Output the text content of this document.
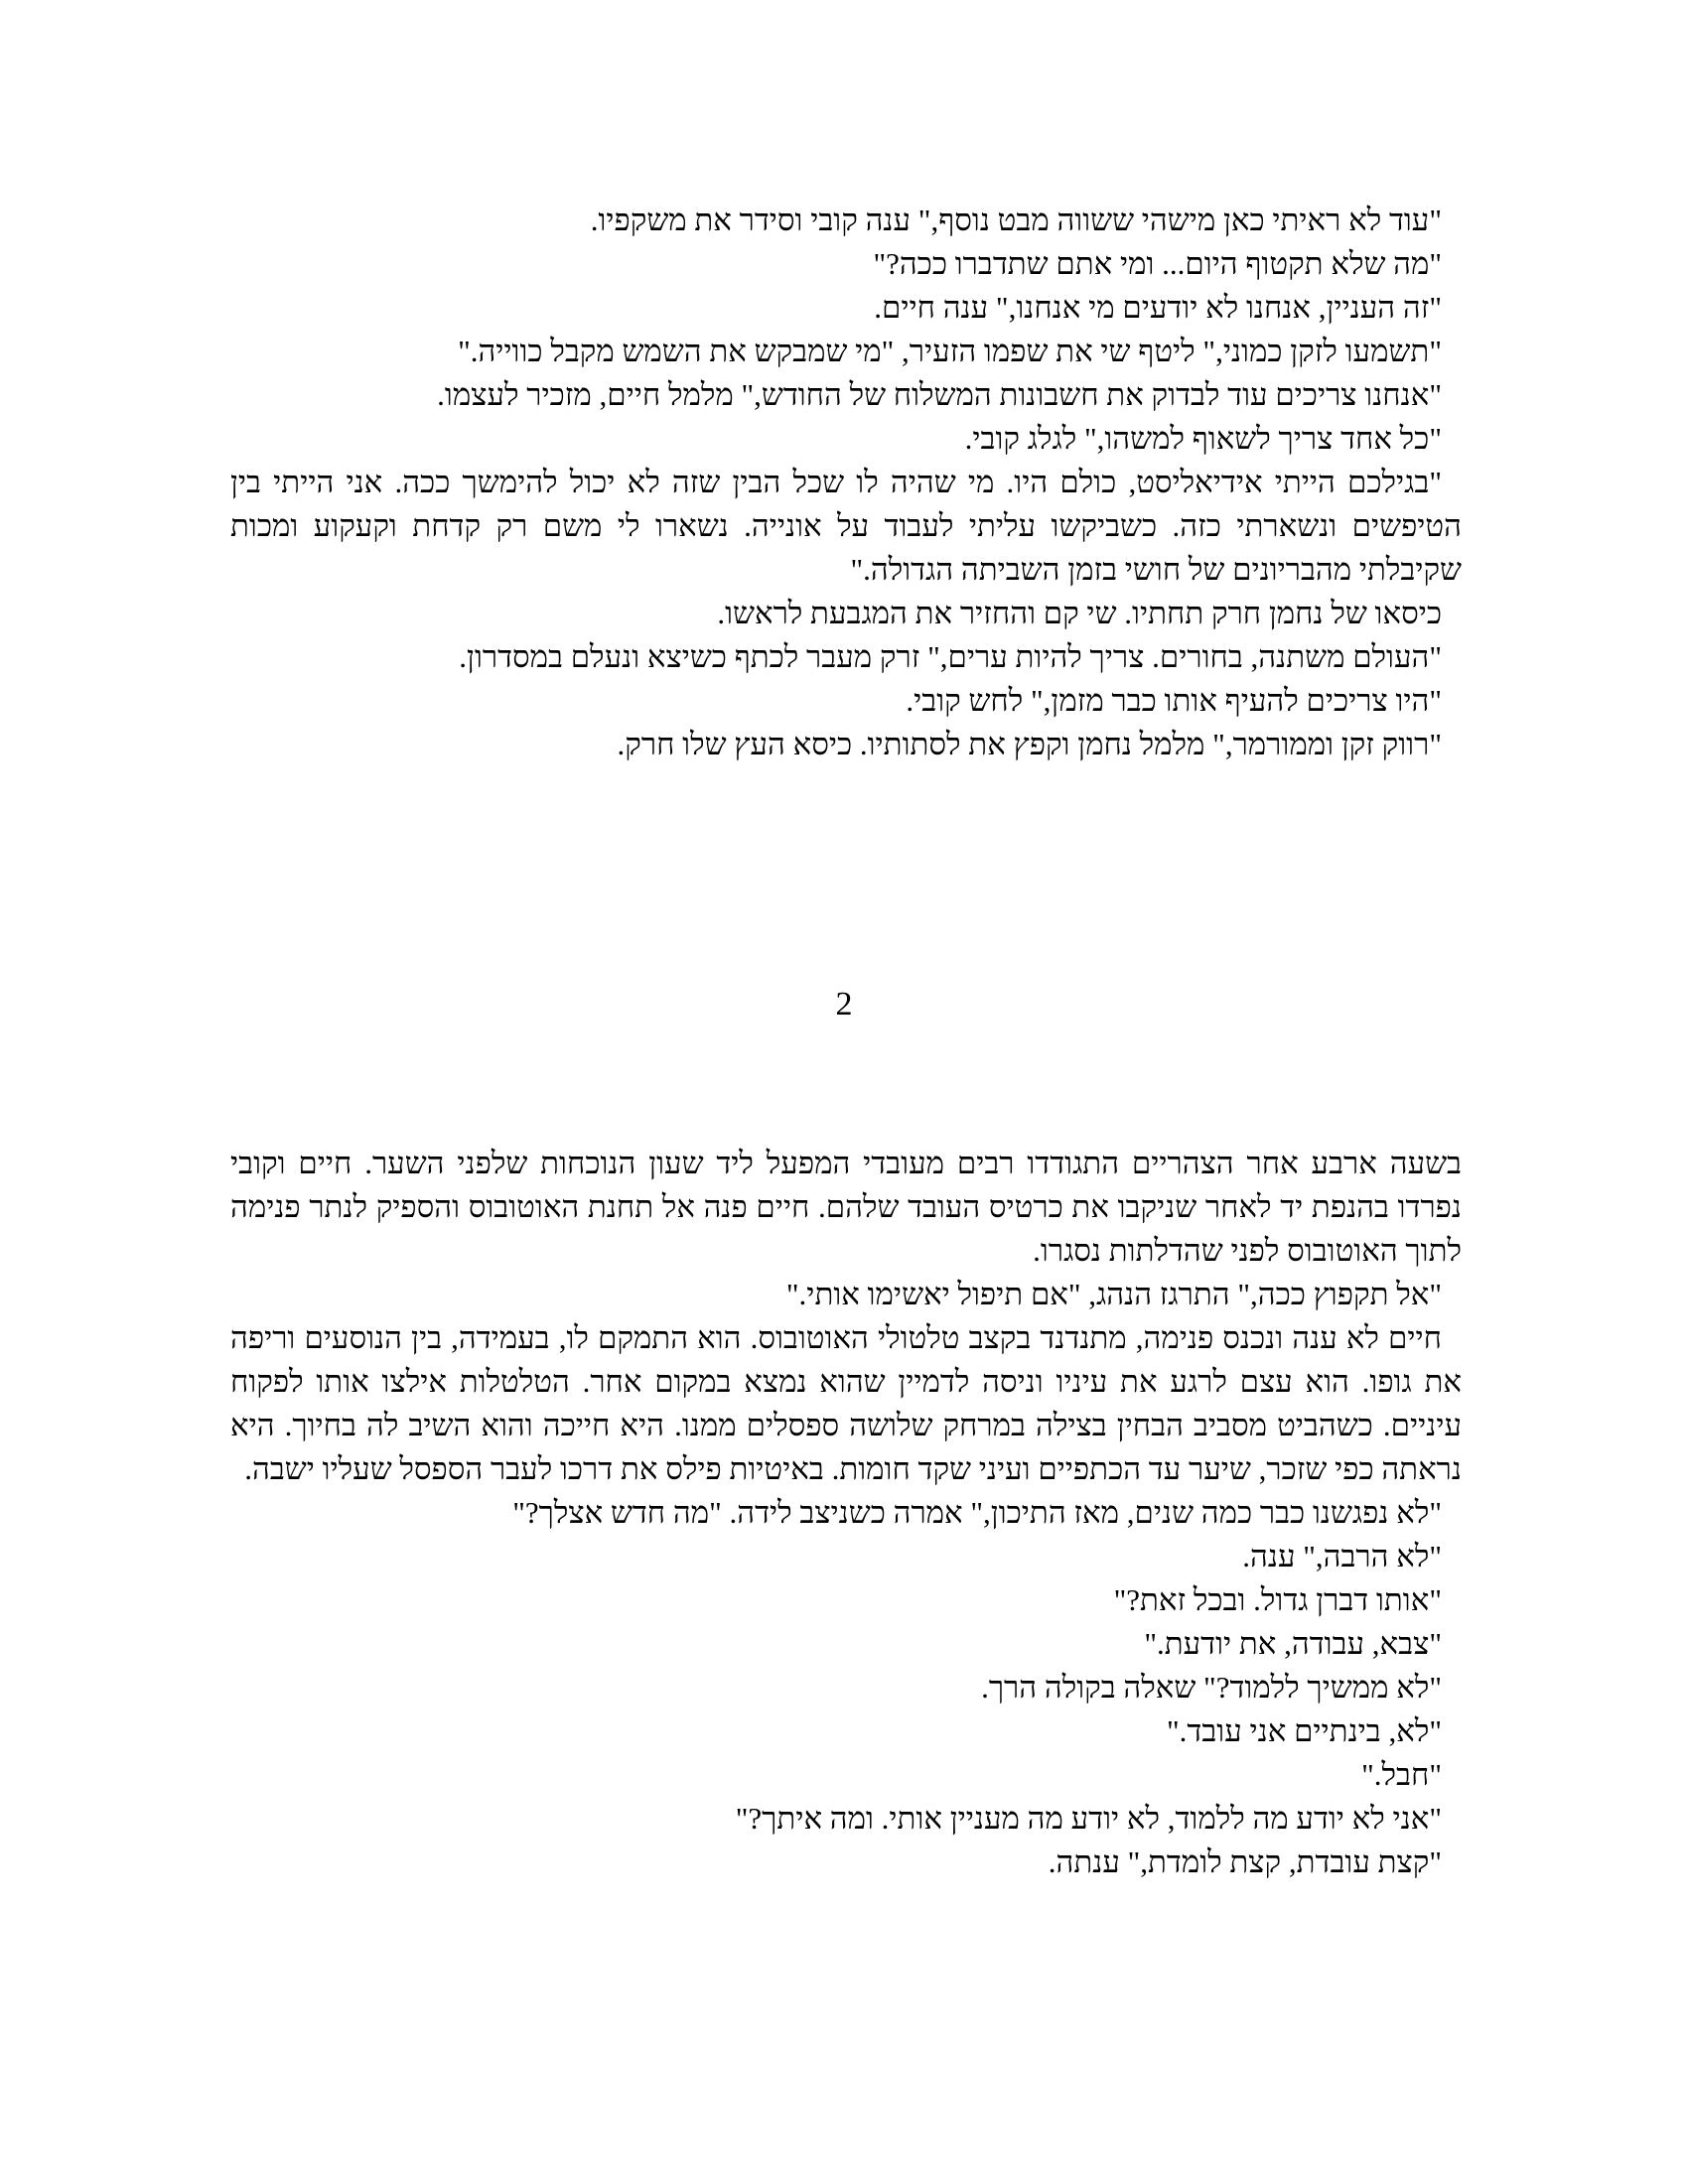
"עוד לא ראיתי כאן מישהי ששווה מבט נוסף," ענה קובי וסידר את משקפיו.

"מה שלא תקטוף היום... ומי אתם שתדברו ככה?"

"זה העניין, אנחנו לא יודעים מי אנחנו," ענה חיים.

"תשמעו לזקן כמוני," ליטף שי את שפמו הזעיר, "מי שמבקש את השמש מקבל כווייה."

"אנחנו צריכים עוד לבדוק את חשבונות המשלוח של החודש," מלמל חיים, מזכיר לעצמו.

"כל אחד צריך לשאוף למשהו," לגלג קובי.

"בגילכם הייתי אידיאליסט, כולם היו. מי שהיה לו שכל הבין שזה לא יכול להימשך ככה. אני הייתי בין הטיפשים ונשארתי כזה. כשביקשו עליתי לעבוד על אונייה. נשארו לי משם רק קדחת וקעקוע ומכות שקיבלתי מהבריונים של חושי בזמן השביתה הגדולה."

כיסאו של נחמן חרק תחתיו. שי קם והחזיר את המגבעת לראשו.

"העולם משתנה, בחורים. צריך להיות ערים," זרק מעבר לכתף כשיצא ונעלם במסדרון.

"היו צריכים להעיף אותו כבר מזמן," לחש קובי.

"רווק זקן וממורמר," מלמל נחמן וקפץ את לסתותיו. כיסא העץ שלו חרק.

2

בשעה ארבע אחר הצהריים התגודדו רבים מעובדי המפעל ליד שעון הנוכחות שלפני השער. חיים וקובי נפרדו בהנפת יד לאחר שניקבו את כרטיס העובד שלהם. חיים פנה אל תחנת האוטובוס והספיק לנתר פנימה לתוך האוטובוס לפני שהדלתות נסגרו.

"אל תקפוץ ככה," התרגז הנהג, "אם תיפול יאשימו אותי."

חיים לא ענה ונכנס פנימה, מתנדנד בקצב טלטולי האוטובוס. הוא התמקם לו, בעמידה, בין הנוסעים וריפה את גופו. הוא עצם לרגע את עיניו וניסה לדמיין שהוא נמצא במקום אחר. הטלטלות אילצו אותו לפקוח עיניים. כשהביט מסביב הבחין בצילה במרחק שלושה ספסלים ממנו. היא חייכה והוא השיב לה בחיוך. היא נראתה כפי שזכר, שיער עד הכתפיים ועיני שקד חומות. באיטיות פילס את דרכו לעבר הספסל שעליו ישבה.

"לא נפגשנו כבר כמה שנים, מאז התיכון," אמרה כשניצב לידה. "מה חדש אצלך?"

"לא הרבה," ענה.

"אותו דברן גדול. ובכל זאת?"

"צבא, עבודה, את יודעת."

"לא ממשיך ללמוד?" שאלה בקולה הרך.

"לא, בינתיים אני עובד."

"חבל."

"אני לא יודע מה ללמוד, לא יודע מה מעניין אותי. ומה איתך?"

"קצת עובדת, קצת לומדת," ענתה.
